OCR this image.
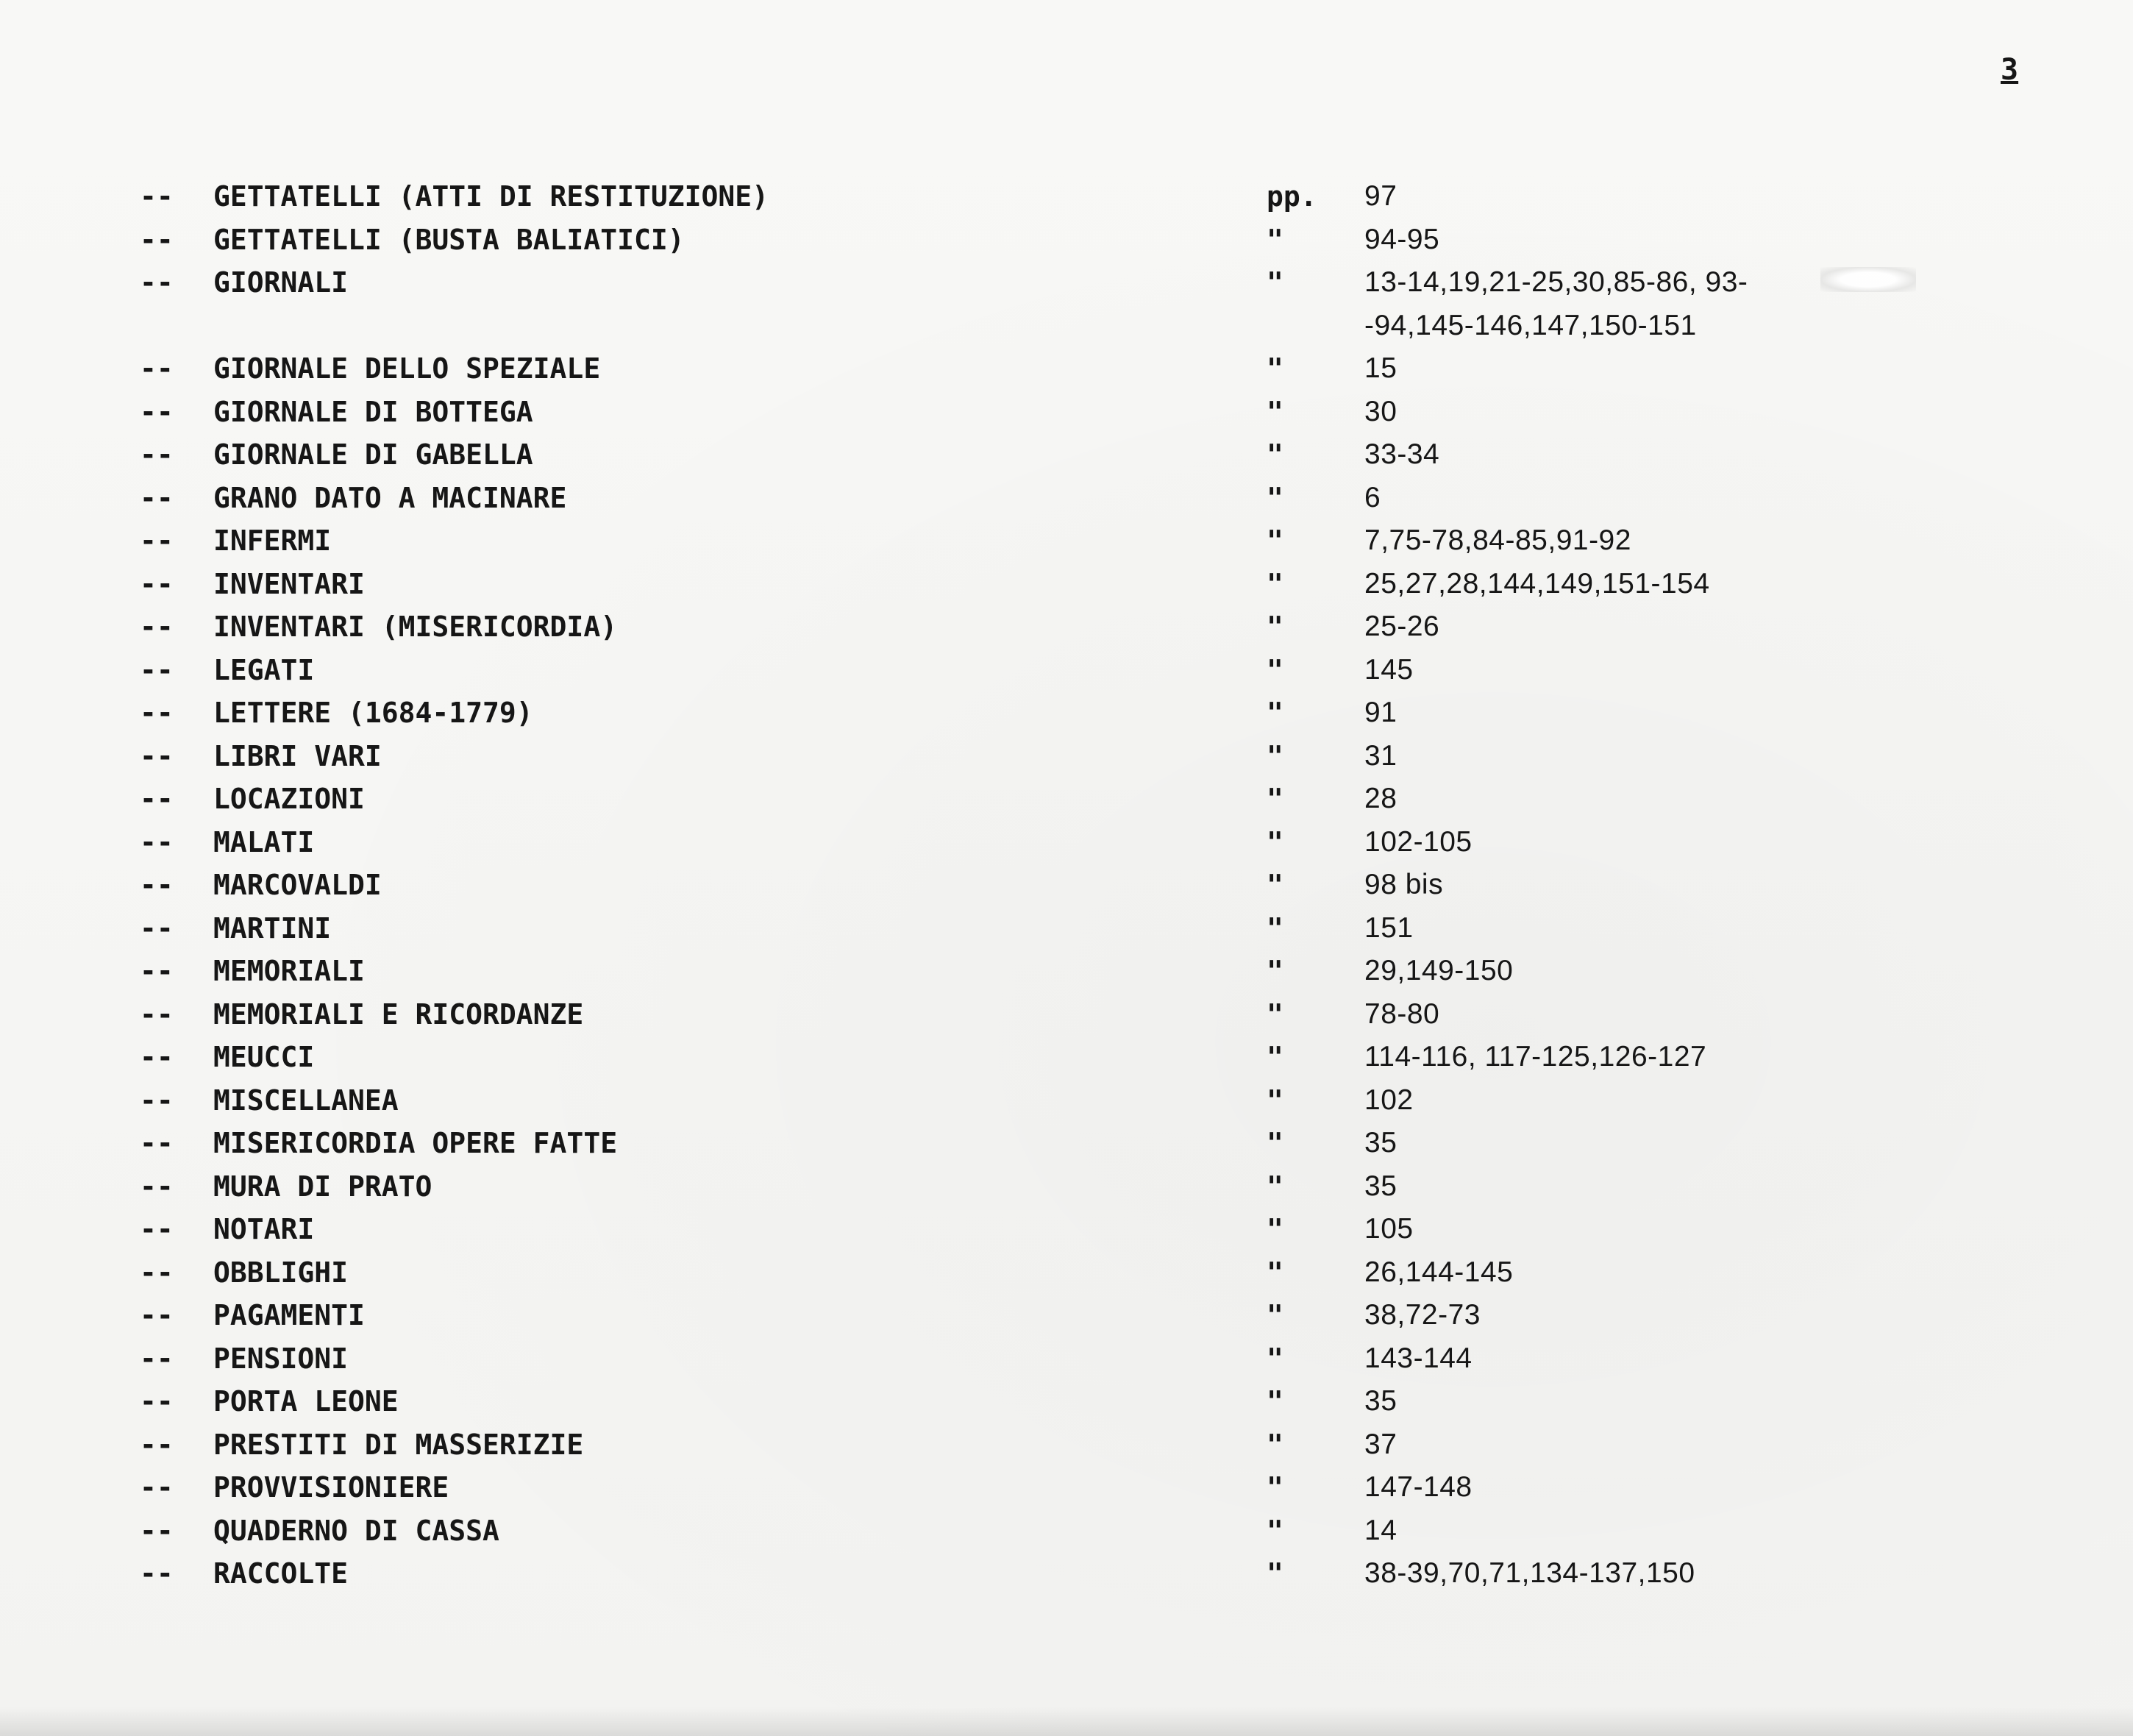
3
-- GETTATELLI (ATTI DI RESTITUZIONE)	pp. 97
-- GETTATELLI (BUSTA BALIATICI)	"	94-95
-- GIORNALI	"	13-14,19,21-25,30,85-86, 93-
-94,145-146,147,150-151
-- GIORNALE DELLO SPEZIALE	"	15
-- GIORNALE DI BOTTEGA	"	30
-- GIORNALE DI GABELLA	"	33-34
-- GRANO DATO A MACINARE	"	6
-- INFERMI	"	7,75-78,84-85,91-92
-- INVENTARI	"	25,27,28,144,149,151-154
-- INVENTARI (MISERICORDIA)	"	25-26
-- LEGATI	"	145
-- LETTERE (1684-1779)	"	91
-- LIBRI VARI	"	31
-- LOCAZIONI	"	28
-- MALATI	"	102-105
-- MARCOVALDI	"	98 bis
-- MARTINI	"	151
-- MEMORIALI	"	29,149-150
-- MEMORIALI E RICORDANZE	"	78-80
-- MEUCCI	"	114-116, 117-125,126-127
-- MISCELLANEA	"	102
-- MISERICORDIA OPERE FATTE	"	35
-- MURA DI PRATO	"	35
-- NOTARI	"	105
-- OBBLIGHI	"	26,144-145
-- PAGAMENTI	"	38,72-73
-- PENSIONI	"	143-144
-- PORTA LEONE	"	35
-- PRESTITI DI MASSERIZIE	"	37
-- PROVVISIONIERE	"	147-148
-- QUADERNO DI CASSA	"	14
-- RACCOLTE	"	38-39,70,71,134-137,150
